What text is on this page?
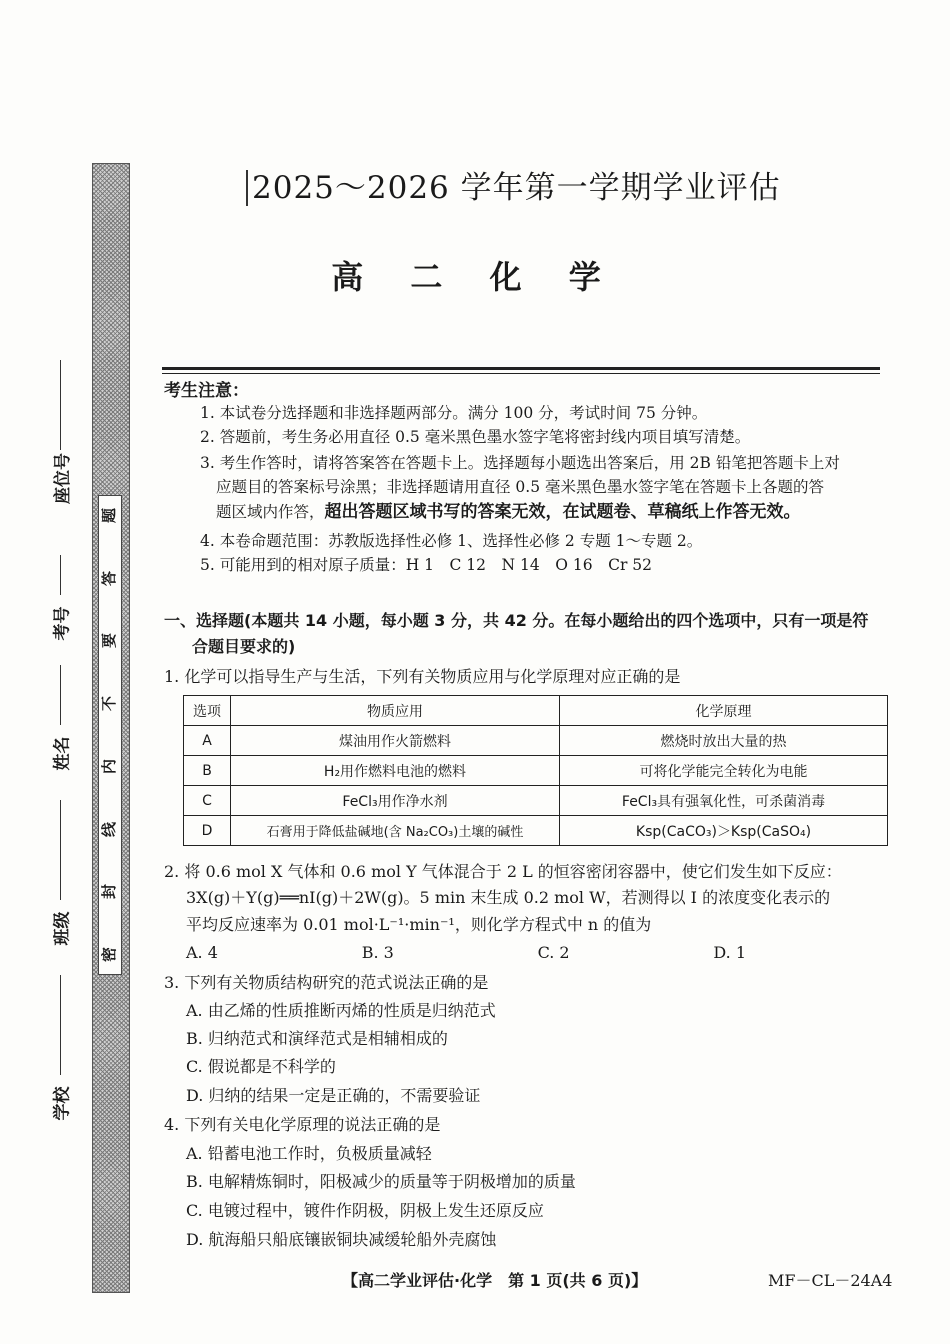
题
答
要
不
内
线
封
密
座位号
考号
姓名
班级
学校
2025～2026 学年第一学期学业评估
高 二 化 学
考生注意：
1. 本试卷分选择题和非选择题两部分。满分 100 分，考试时间 75 分钟。
2. 答题前，考生务必用直径 0.5 毫米黑色墨水签字笔将密封线内项目填写清楚。
3. 考生作答时，请将答案答在答题卡上。选择题每小题选出答案后，用 2B 铅笔把答题卡上对
应题目的答案标号涂黑；非选择题请用直径 0.5 毫米黑色墨水签字笔在答题卡上各题的答
题区域内作答，超出答题区域书写的答案无效，在试题卷、草稿纸上作答无效。
4. 本卷命题范围：苏教版选择性必修 1、选择性必修 2 专题 1～专题 2。
5. 可能用到的相对原子质量：H 1　C 12　N 14　O 16　Cr 52
一、选择题(本题共 14 小题，每小题 3 分，共 42 分。在每小题给出的四个选项中，只有一项是符
合题目要求的)
1. 化学可以指导生产与生活，下列有关物质应用与化学原理对应正确的是
选项	物质应用	化学原理
A	煤油用作火箭燃料	燃烧时放出大量的热
B	H₂用作燃料电池的燃料	可将化学能完全转化为电能
C	FeCl₃用作净水剂	FeCl₃具有强氧化性，可杀菌消毒
D	石膏用于降低盐碱地(含 Na₂CO₃)土壤的碱性	Ksp(CaCO₃)＞Ksp(CaSO₄)
2. 将 0.6 mol X 气体和 0.6 mol Y 气体混合于 2 L 的恒容密闭容器中，使它们发生如下反应：
3X(g)＋Y(g)══nI(g)＋2W(g)。5 min 末生成 0.2 mol W，若测得以 I 的浓度变化表示的
平均反应速率为 0.01 mol·L⁻¹·min⁻¹，则化学方程式中 n 的值为
A. 4	B. 3	C. 2	D. 1
3. 下列有关物质结构研究的范式说法正确的是
A. 由乙烯的性质推断丙烯的性质是归纳范式
B. 归纳范式和演绎范式是相辅相成的
C. 假说都是不科学的
D. 归纳的结果一定是正确的，不需要验证
4. 下列有关电化学原理的说法正确的是
A. 铅蓄电池工作时，负极质量减轻
B. 电解精炼铜时，阳极减少的质量等于阴极增加的质量
C. 电镀过程中，镀件作阴极，阴极上发生还原反应
D. 航海船只船底镶嵌铜块减缓轮船外壳腐蚀
【高二学业评估·化学　第 1 页(共 6 页)】	MF－CL－24A4
